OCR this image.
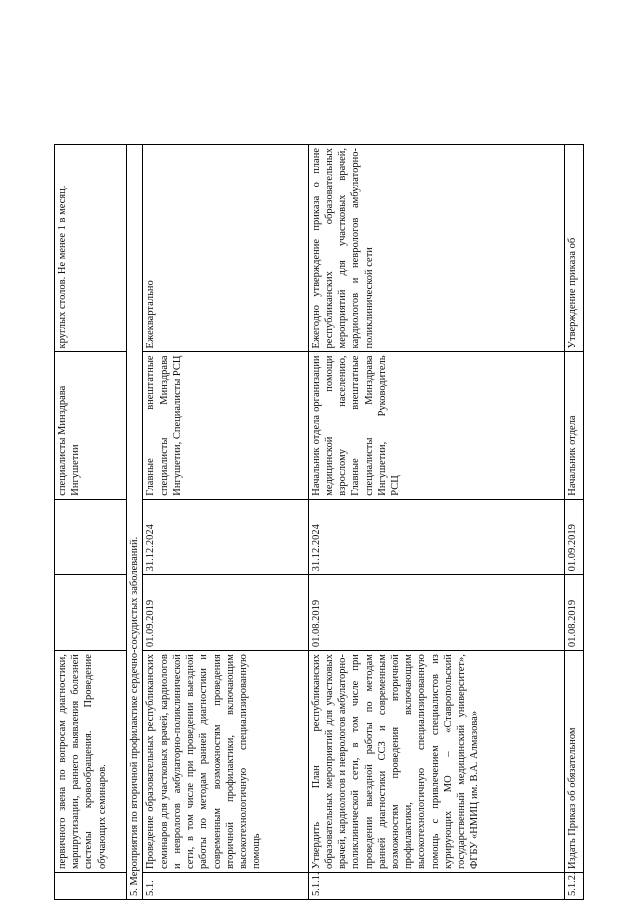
	первичного звена по вопросам диагностики, маршрутизации, раннего выявления болезней системы кровообращения. Проведение обучающих семинаров.			специалисты Минздрава Ингушетии	круглых столов. Не менее 1 в месяц.
5. Мероприятия по вторичной профилактике сердечно-сосудистых заболеваний.					
5.1.	Проведение образовательных республиканских семинаров для участковых врачей, кардиологов и неврологов амбулаторно-поликлинической сети, в том числе при проведении выездной работы по методам ранней диагностики и современным возможностям проведения вторичной профилактики, включающим высокотехнологичную специализированную помощь	01.09.2019	31.12.2024	Главные внештатные специалисты Минздрава Ингушетии, Специалисты РСЦ	Ежеквартально
5.1.1.	Утвердить План республиканских образовательных мероприятий для участковых врачей, кардиологов и неврологов амбулаторно-поликлинической сети, в том числе при проведении выездной работы по методам ранней диагностики ССЗ и современным возможностям проведения вторичной профилактики, включающим высокотехнологичную специализированную помощь с привлечением специалистов из курирующих МО – «Ставропольский государственный медицинский университет», ФГБУ «НМИЦ им. В.А. Алмазова»	01.08.2019	31.12.2024	Начальник отдела организации медицинской помощи взрослому населению, Главные внештатные специалисты Минздрава Ингушетии, Руководитель РСЦ	Ежегодно утверждение приказа о плане республиканских образовательных мероприятий для участковых врачей, кардиологов и неврологов амбулаторно-поликлинической сети
5.1.2.	Издать Приказ об обязательном	01.08.2019	01.09.2019	Начальник отдела	Утверждение приказа об
